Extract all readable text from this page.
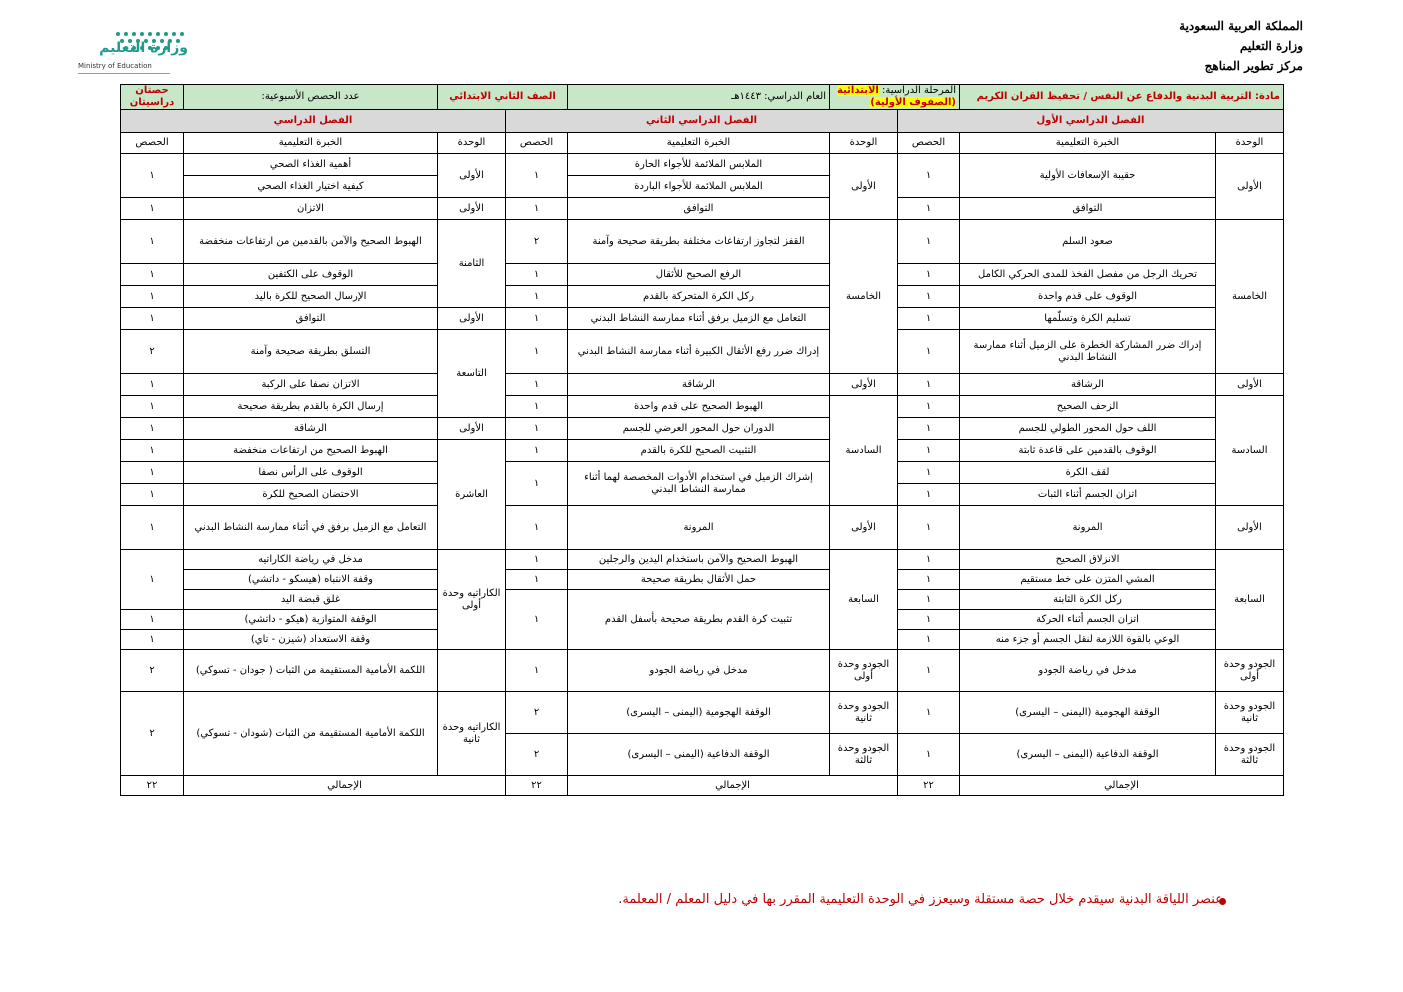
المملكة العربية السعودية
وزارة التعليم
مركز تطوير المناهج
وزارة التعليم
Ministry of Education
مادة: التربية البدنية والدفاع عن النفس / تحفيظ القران الكريم		المرحلة الدراسية: الابتدائية (الصفوف الأولية)		العام الدراسي: ١٤٤٣هـ	الصف الثاني الابتدائي		عدد الحصص الأسبوعية:	حصتان دراسيتان
الفصل الدراسي الأول			الفصل الدراسي الثاني			الفصل الدراسي		
الوحدة	الخبرة التعليمية	الحصص	الوحدة	الخبرة التعليمية	الحصص	الوحدة	الخبرة التعليمية	الحصص
الأولى	حقيبة الإسعافات الأولية	١	الأولى	الملابس الملائمة للأجواء الحارة	١	الأولى	أهمية الغذاء الصحي	١
				الملابس الملائمة للأجواء الباردة			كيفية اختيار الغذاء الصحي	
	التوافق	١		التوافق	١	الأولى	الاتزان	١
الخامسة	صعود السلم	١	الخامسة	القفز لتجاوز ارتفاعات مختلفة بطريقة صحيحة وآمنة	٢	الثامنة	الهبوط الصحيح والآمن بالقدمين من ارتفاعات منخفضة	١
	تحريك الرجل من مفصل الفخذ للمدى الحركي الكامل	١		الرفع الصحيح للأثقال	١		الوقوف على الكتفين	١
	الوقوف على قدم واحدة	١		ركل الكرة المتحركة بالقدم	١		الإرسال الصحيح للكرة باليد	١
	تسليم الكرة وتسلّمها	١		التعامل مع الزميل برفق أثناء ممارسة النشاط البدني	١	الأولى	التوافق	١
	إدراك ضرر المشاركة الخطرة على الزميل أثناء ممارسة النشاط البدني	١		إدراك ضرر رفع الأثقال الكبيرة أثناء ممارسة النشاط البدني	١	التاسعة	التسلق بطريقة صحيحة وآمنة	٢
الأولى	الرشاقة	١	الأولى	الرشاقة	١		الاتزان نصفا على الركبة	١
السادسة	الزحف الصحيح	١	السادسة	الهبوط الصحيح على قدم واحدة	١		إرسال الكرة بالقدم بطريقة صحيحة	١
	اللف حول المحور الطولي للجسم	١		الدوران حول المحور العرضي للجسم	١	الأولى	الرشاقة	١
	الوقوف بالقدمين على قاعدة ثابتة	١		التثبيت الصحيح للكرة بالقدم	١	العاشرة	الهبوط الصحيح من ارتفاعات منخفضة	١
	لقف الكرة	١		إشراك الزميل في استخدام الأدوات المخصصة لهما أثناء ممارسة النشاط البدني	١		الوقوف على الرأس نصفا	١
	اتزان الجسم أثناء الثبات	١					الاحتضان الصحيح للكرة	١
الأولى	المرونة	١	الأولى	المرونة	١		التعامل مع الزميل برفق في أثناء ممارسة النشاط البدني	١
السابعة	الانزلاق الصحيح	١	السابعة	الهبوط الصحيح والآمن باستخدام اليدين والرجلين	١	الكاراتيه وحدة أولى	مدخل في رياضة الكاراتيه	١
	المشي المتزن على خط مستقيم	١		حمل الأثقال بطريقة صحيحة	١		وقفة الانتباه (هيسكو - داتشي)	
	ركل الكرة الثابتة	١		تثبيت كرة القدم بطريقة صحيحة بأسفل القدم	١		غلق قبضة اليد	
	اتزان الجسم أثناء الحركة	١					الوقفة المتوازية (هيكو - داتشي)	١
	الوعي بالقوة اللازمة لنقل الجسم أو جزء منه	١					وقفة الاستعداد (شيزن - تاي)	١
الجودو وحدة أولى	مدخل في رياضة الجودو	١	الجودو وحدة أولى	مدخل في رياضة الجودو	١		اللكمة الأمامية المستقيمة من الثبات ( جودان - تسوكي)	٢
الجودو وحدة ثانية	الوقفة الهجومية (اليمنى – اليسرى)	١	الجودو وحدة ثانية	الوقفة الهجومية (اليمنى – اليسرى)	٢	الكاراتيه وحدة ثانية	اللكمة الأمامية المستقيمة من الثبات (شودان - تسوكي)	٢
الجودو وحدة ثالثة	الوقفة الدفاعية (اليمنى – اليسرى)	١	الجودو وحدة ثالثة	الوقفة الدفاعية (اليمنى – اليسرى)	٢			
الإجمالي		٢٢	الإجمالي		٢٢	الإجمالي		٢٢
عنصر اللياقة البدنية سيقدم خلال حصة مستقلة وسيعزز في الوحدة التعليمية المقرر بها في دليل المعلم / المعلمة.
